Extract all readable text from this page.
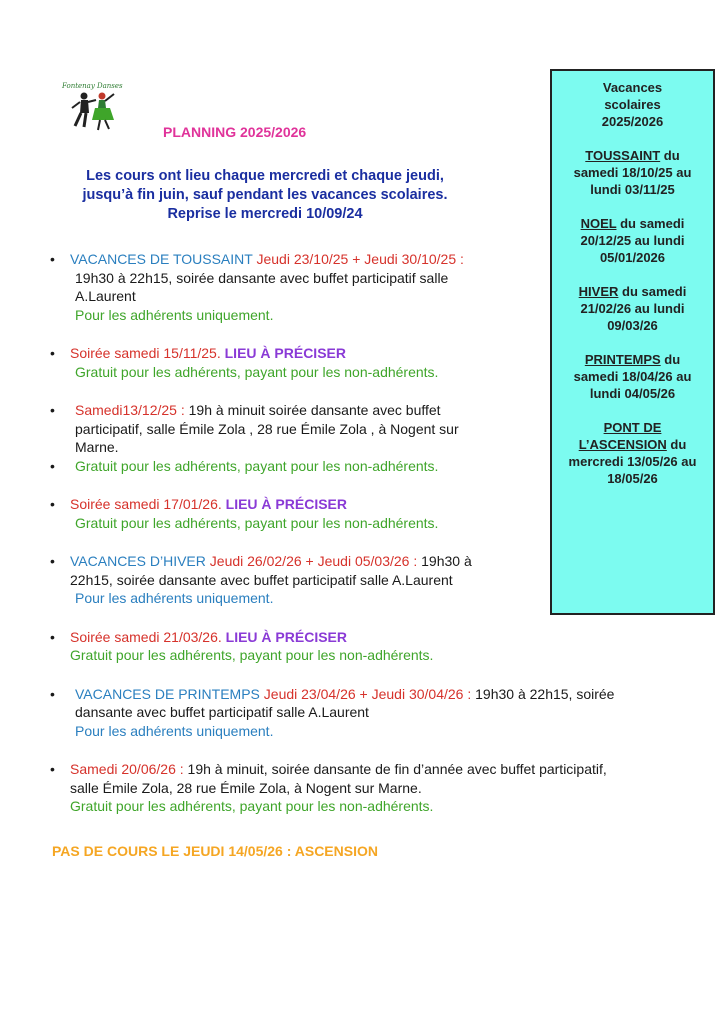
Fontenay Danses
PLANNING 2025/2026
Les cours ont lieu chaque mercredi et chaque jeudi,
jusqu’à fin juin, sauf pendant les vacances scolaires.
Reprise le mercredi 10/09/24
• VACANCES DE TOUSSAINT Jeudi 23/10/25 + Jeudi 30/10/25 :
19h30 à 22h15, soirée dansante avec buffet participatif salle
A.Laurent
Pour les adhérents uniquement.
• Soirée samedi 15/11/25. LIEU À PRÉCISER
Gratuit pour les adhérents, payant pour les non-adhérents.
•	Samedi13/12/25 : 19h à minuit soirée dansante avec buffet
participatif, salle Émile Zola , 28 rue Émile Zola , à Nogent sur
Marne.
•	Gratuit pour les adhérents, payant pour les non-adhérents.
• Soirée samedi 17/01/26. LIEU À PRÉCISER
Gratuit pour les adhérents, payant pour les non-adhérents.
• VACANCES D’HIVER Jeudi 26/02/26 + Jeudi 05/03/26 : 19h30 à
22h15, soirée dansante avec buffet participatif salle A.Laurent
Pour les adhérents uniquement.
• Soirée samedi 21/03/26. LIEU À PRÉCISER
Gratuit pour les adhérents, payant pour les non-adhérents.
•	VACANCES DE PRINTEMPS Jeudi 23/04/26 + Jeudi 30/04/26 : 19h30 à 22h15, soirée
dansante avec buffet participatif salle A.Laurent
Pour les adhérents uniquement.
• Samedi 20/06/26 : 19h à minuit, soirée dansante de fin d’année avec buffet participatif,
salle Émile Zola, 28 rue Émile Zola, à Nogent sur Marne.
Gratuit pour les adhérents, payant pour les non-adhérents.
PAS DE COURS LE JEUDI 14/05/26 : ASCENSION
Vacances
scolaires
2025/2026
TOUSSAINT du
samedi 18/10/25 au
lundi 03/11/25
NOEL du samedi
20/12/25 au lundi
05/01/2026
HIVER du samedi
21/02/26 au lundi
09/03/26
PRINTEMPS du
samedi 18/04/26 au
lundi 04/05/26
PONT DE
L’ASCENSION du
mercredi 13/05/26 au
18/05/26
